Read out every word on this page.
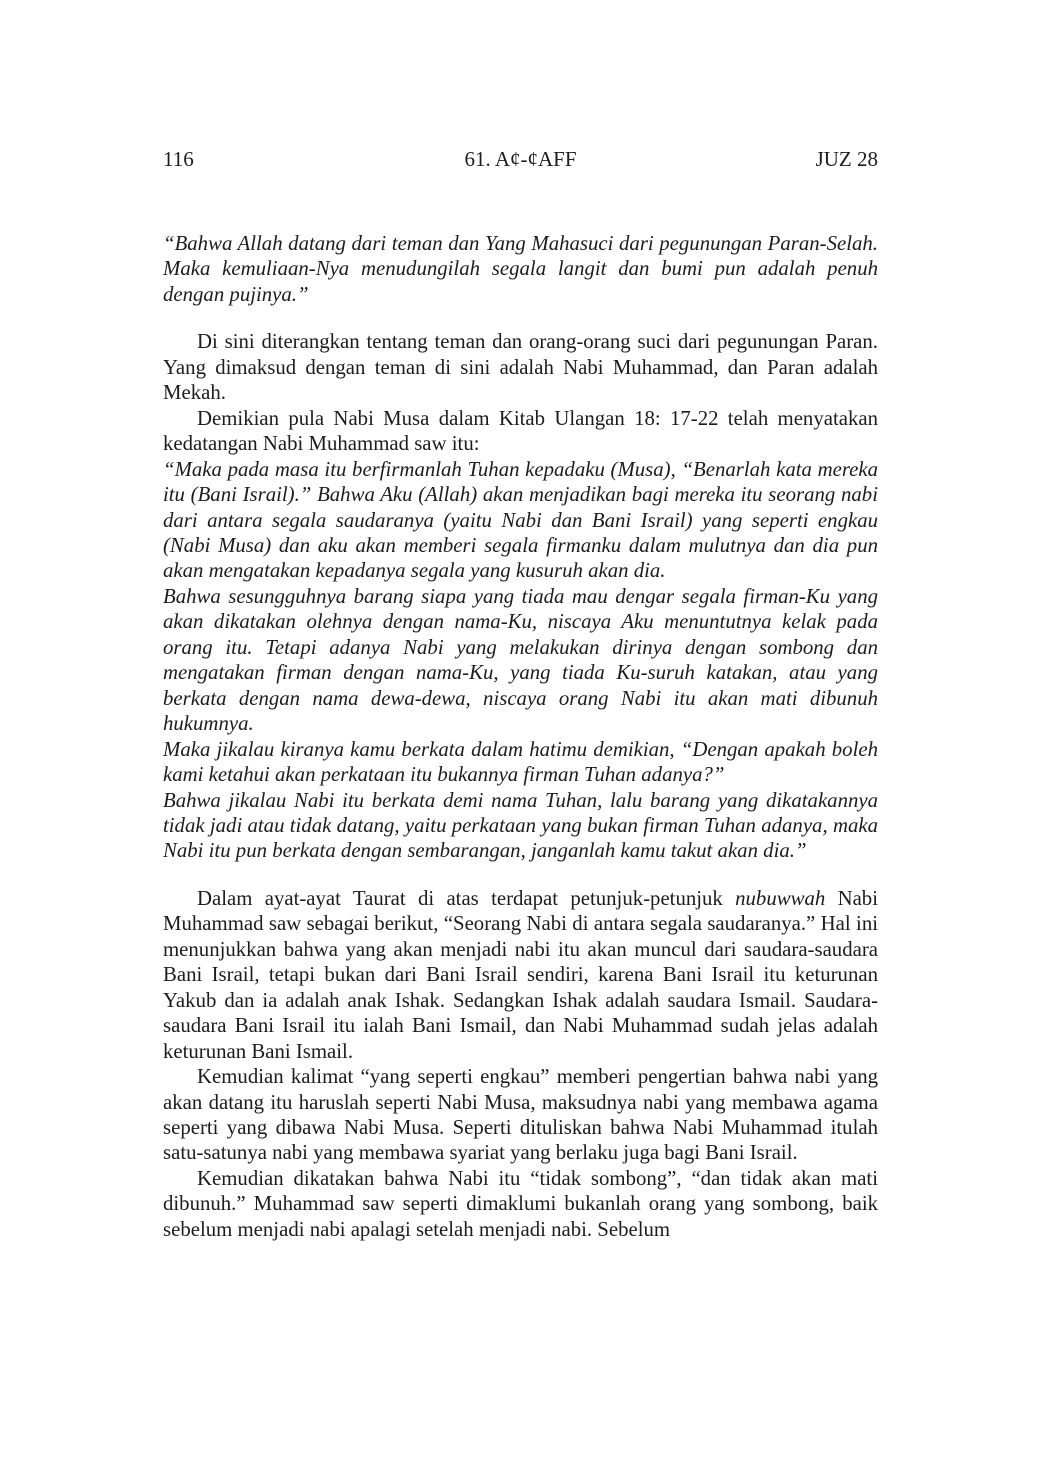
116	61. A¢-¢AFF	JUZ 28

“Bahwa Allah datang dari teman dan Yang Mahasuci dari pegunungan Paran-Selah. Maka kemuliaan-Nya menudungilah segala langit dan bumi pun adalah penuh dengan pujinya.”

Di sini diterangkan tentang teman dan orang-orang suci dari pegunungan Paran. Yang dimaksud dengan teman di sini adalah Nabi Muhammad, dan Paran adalah Mekah.

Demikian pula Nabi Musa dalam Kitab Ulangan 18: 17-22 telah menyatakan kedatangan Nabi Muhammad saw itu:

“Maka pada masa itu berfirmanlah Tuhan kepadaku (Musa), “Benarlah kata mereka itu (Bani Israil).” Bahwa Aku (Allah) akan menjadikan bagi mereka itu seorang nabi dari antara segala saudaranya (yaitu Nabi dan Bani Israil) yang seperti engkau (Nabi Musa) dan aku akan memberi segala firmanku dalam mulutnya dan dia pun akan mengatakan kepadanya segala yang kusuruh akan dia.

Bahwa sesungguhnya barang siapa yang tiada mau dengar segala firman-Ku yang akan dikatakan olehnya dengan nama-Ku, niscaya Aku menuntutnya kelak pada orang itu. Tetapi adanya Nabi yang melakukan dirinya dengan sombong dan mengatakan firman dengan nama-Ku, yang tiada Ku-suruh katakan, atau yang berkata dengan nama dewa-dewa, niscaya orang Nabi itu akan mati dibunuh hukumnya.

Maka jikalau kiranya kamu berkata dalam hatimu demikian, “Dengan apakah boleh kami ketahui akan perkataan itu bukannya firman Tuhan adanya?”

Bahwa jikalau Nabi itu berkata demi nama Tuhan, lalu barang yang dikatakannya tidak jadi atau tidak datang, yaitu perkataan yang bukan firman Tuhan adanya, maka Nabi itu pun berkata dengan sembarangan, janganlah kamu takut akan dia.”

Dalam ayat-ayat Taurat di atas terdapat petunjuk-petunjuk nubuwwah Nabi Muhammad saw sebagai berikut, “Seorang Nabi di antara segala saudaranya.” Hal ini menunjukkan bahwa yang akan menjadi nabi itu akan muncul dari saudara-saudara Bani Israil, tetapi bukan dari Bani Israil sendiri, karena Bani Israil itu keturunan Yakub dan ia adalah anak Ishak. Sedangkan Ishak adalah saudara Ismail. Saudara-saudara Bani Israil itu ialah Bani Ismail, dan Nabi Muhammad sudah jelas adalah keturunan Bani Ismail.

Kemudian kalimat “yang seperti engkau” memberi pengertian bahwa nabi yang akan datang itu haruslah seperti Nabi Musa, maksudnya nabi yang membawa agama seperti yang dibawa Nabi Musa. Seperti dituliskan bahwa Nabi Muhammad itulah satu-satunya nabi yang membawa syariat yang berlaku juga bagi Bani Israil.

Kemudian dikatakan bahwa Nabi itu “tidak sombong”, “dan tidak akan mati dibunuh.” Muhammad saw seperti dimaklumi bukanlah orang yang sombong, baik sebelum menjadi nabi apalagi setelah menjadi nabi. Sebelum
